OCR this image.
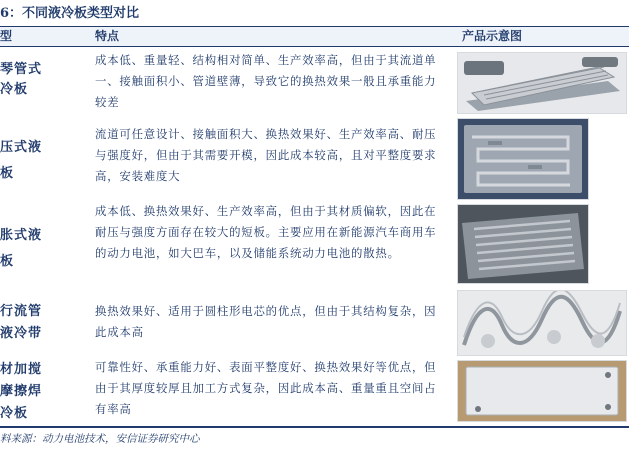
6：不同液冷板类型对比
型	特点	产品示意图
琴管式
冷板
成本低、重量轻、结构相对简单、生产效率高，但由于其流道单一、接触面积小、管道壁薄，导致它的换热效果一般且承重能力较差
压式液
板
流道可任意设计、接触面积大、换热效果好、生产效率高、耐压与强度好，但由于其需要开模，因此成本较高，且对平整度要求高，安装难度大
胀式液
板
成本低、换热效果好、生产效率高，但由于其材质偏软，因此在耐压与强度方面存在较大的短板。主要应用在新能源汽车商用车的动力电池，如大巴车，以及储能系统动力电池的散热。
行流管
液冷带
换热效果好、适用于圆柱形电芯的优点，但由于其结构复杂，因此成本高
材加搅
摩擦焊
冷板
可靠性好、承重能力好、表面平整度好、换热效果好等优点，但由于其厚度较厚且加工方式复杂，因此成本高、重量重且空间占有率高
料来源：动力电池技术，安信证券研究中心
